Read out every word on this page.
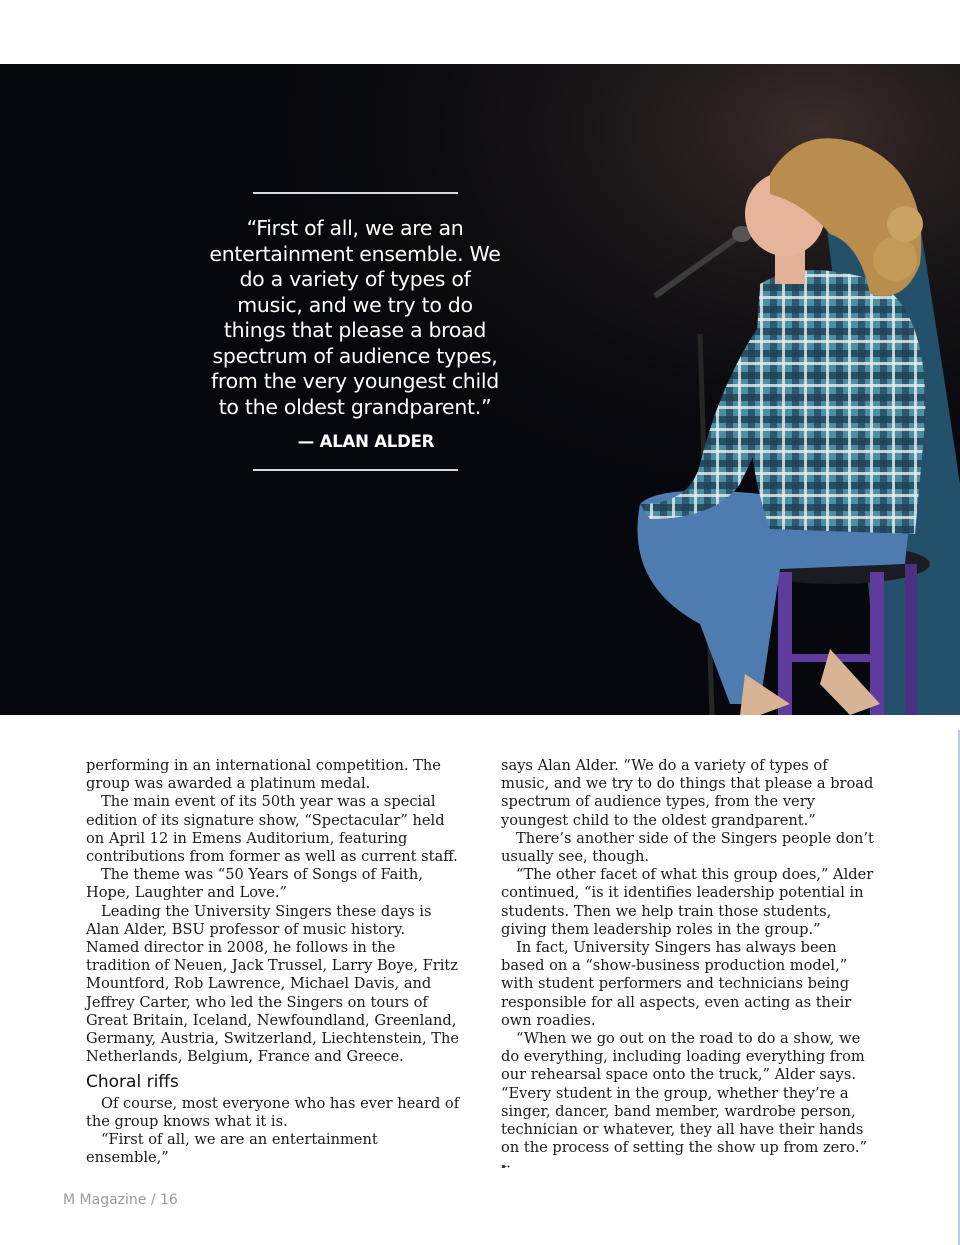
“First of all, we are an entertainment ensemble. We do a variety of types of music, and we try to do things that please a broad spectrum of audience types, from the very youngest child to the oldest grandparent.”

— ALAN ALDER

performing in an international competition. The group was awarded a platinum medal.

The main event of its 50th year was a special edition of its signature show, “Spectacular” held on April 12 in Emens Auditorium, featuring contributions from former as well as current staff.

The theme was “50 Years of Songs of Faith, Hope, Laughter and Love.”

Leading the University Singers these days is Alan Alder, BSU professor of music history. Named director in 2008, he follows in the tradition of Neuen, Jack Trussel, Larry Boye, Fritz Mountford, Rob Lawrence, Michael Davis, and Jeffrey Carter, who led the Singers on tours of Great Britain, Iceland, Newfoundland, Greenland, Germany, Austria, Switzerland, Liechtenstein, The Netherlands, Belgium, France and Greece.

Choral riffs

Of course, most everyone who has ever heard of the group knows what it is.

“First of all, we are an entertainment ensemble,”

says Alan Alder. “We do a variety of types of music, and we try to do things that please a broad spectrum of audience types, from the very youngest child to the oldest grandparent.”

There’s another side of the Singers people don’t usually see, though.

“The other facet of what this group does,” Alder continued, “is it identifies leadership potential in students. Then we help train those students, giving them leadership roles in the group.”

In fact, University Singers has always been based on a “show-business production model,” with student performers and technicians being responsible for all aspects, even acting as their own roadies.

“When we go out on the road to do a show, we do everything, including loading everything from our rehearsal space onto the truck,” Alder says. “Every student in the group, whether they’re a singer, dancer, band member, wardrobe person, technician or whatever, they all have their hands on the process of setting the show up from zero.” ➸

M Magazine / 16
